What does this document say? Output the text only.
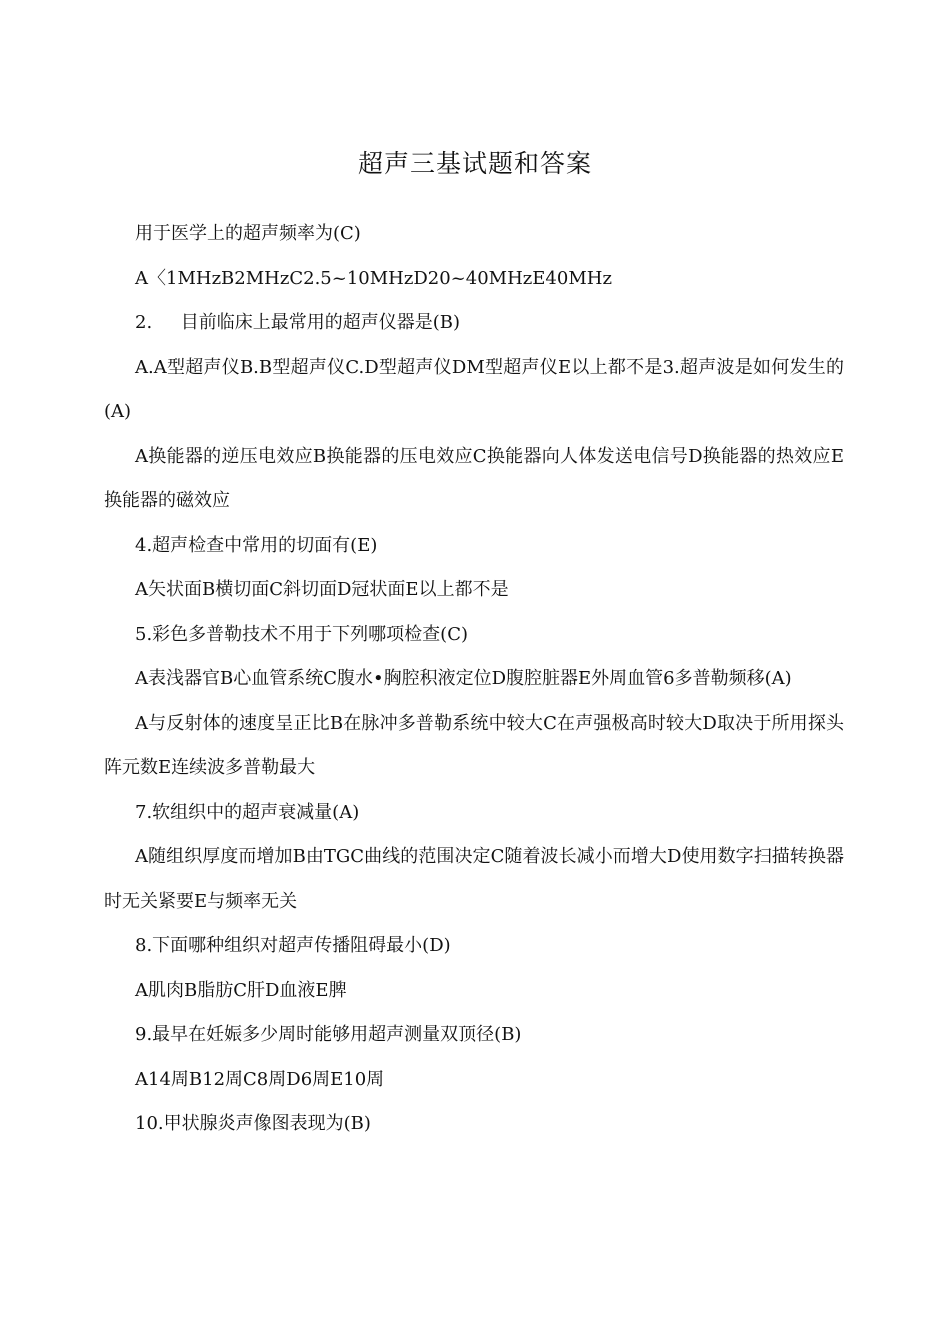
超声三基试题和答案

用于医学上的超声频率为(C)

A〈1MHzB2MHzC2.5~10MHzD20~40MHzE40MHz

2.     目前临床上最常用的超声仪器是(B)

A.A型超声仪B.B型超声仪C.D型超声仪DM型超声仪E以上都不是3.超声波是如何发生的(A)

A换能器的逆压电效应B换能器的压电效应C换能器向人体发送电信号D换能器的热效应E换能器的磁效应

4.超声检查中常用的切面有(E)

A矢状面B横切面C斜切面D冠状面E以上都不是

5.彩色多普勒技术不用于下列哪项检查(C)

A表浅器官B心血管系统C腹水•胸腔积液定位D腹腔脏器E外周血管6多普勒频移(A)

A与反射体的速度呈正比B在脉冲多普勒系统中较大C在声强极高时较大D取决于所用探头阵元数E连续波多普勒最大

7.软组织中的超声衰减量(A)

A随组织厚度而增加B由TGC曲线的范围决定C随着波长减小而增大D使用数字扫描转换器时无关紧要E与频率无关

8.下面哪种组织对超声传播阻碍最小(D)

A肌肉B脂肪C肝D血液E脾

9.最早在妊娠多少周时能够用超声测量双顶径(B)

A14周B12周C8周D6周E10周

10.甲状腺炎声像图表现为(B)
